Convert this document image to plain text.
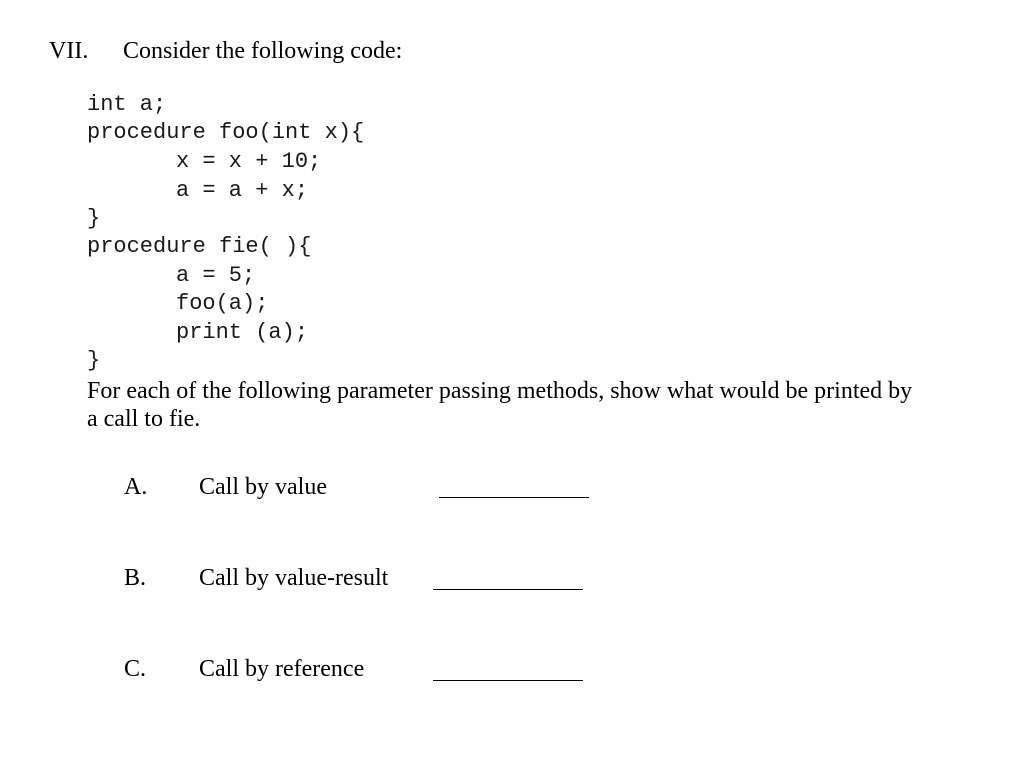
VII. Consider the following code:
int a;
procedure foo(int x){
x = x + 10;
a = a + x;
}
procedure fie( ){
a = 5;
foo(a);
print (a);
}
For each of the following parameter passing methods, show what would be printed by
a call to fie.
A. Call by value
B. Call by value-result
C. Call by reference
